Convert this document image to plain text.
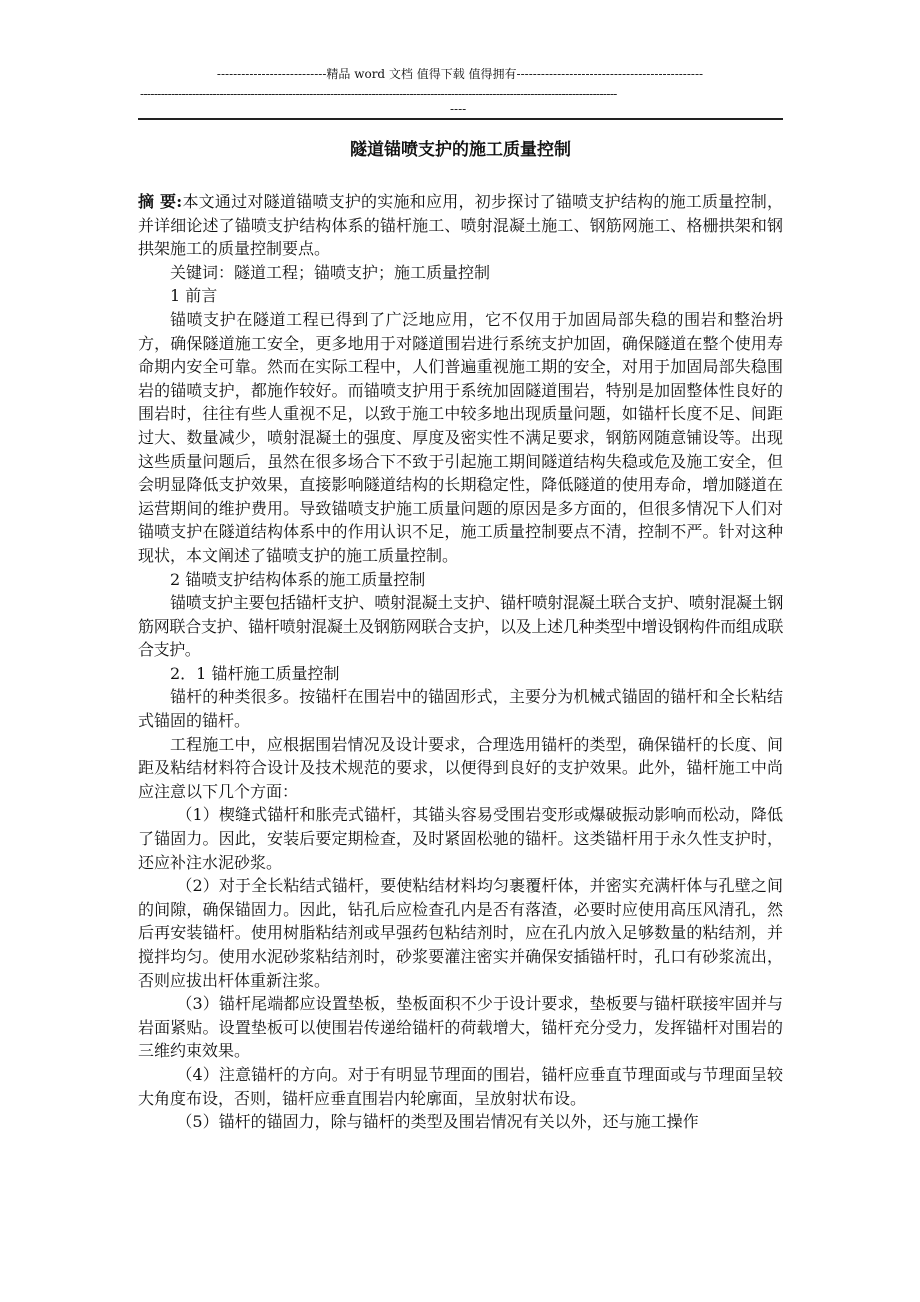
---------------------------精品 word 文档 值得下载 值得拥有----------------------------------------------
------------------------------------------------------------------------------------------------------------------------------------------
----
隧道锚喷支护的施工质量控制

摘 要:本文通过对隧道锚喷支护的实施和应用，初步探讨了锚喷支护结构的施工质量控制，并详细论述了锚喷支护结构体系的锚杆施工、喷射混凝土施工、钢筋网施工、格栅拱架和钢拱架施工的质量控制要点。

关键词：隧道工程；锚喷支护；施工质量控制

1 前言

锚喷支护在隧道工程已得到了广泛地应用，它不仅用于加固局部失稳的围岩和整治坍方，确保隧道施工安全，更多地用于对隧道围岩进行系统支护加固，确保隧道在整个使用寿命期内安全可靠。然而在实际工程中，人们普遍重视施工期的安全，对用于加固局部失稳围岩的锚喷支护，都施作较好。而锚喷支护用于系统加固隧道围岩，特别是加固整体性良好的围岩时，往往有些人重视不足，以致于施工中较多地出现质量问题，如锚杆长度不足、间距过大、数量减少，喷射混凝土的强度、厚度及密实性不满足要求，钢筋网随意铺设等。出现这些质量问题后，虽然在很多场合下不致于引起施工期间隧道结构失稳或危及施工安全，但会明显降低支护效果，直接影响隧道结构的长期稳定性，降低隧道的使用寿命，增加隧道在运营期间的维护费用。导致锚喷支护施工质量问题的原因是多方面的，但很多情况下人们对锚喷支护在隧道结构体系中的作用认识不足，施工质量控制要点不清，控制不严。针对这种现状，本文阐述了锚喷支护的施工质量控制。

2 锚喷支护结构体系的施工质量控制

锚喷支护主要包括锚杆支护、喷射混凝土支护、锚杆喷射混凝土联合支护、喷射混凝土钢筋网联合支护、锚杆喷射混凝土及钢筋网联合支护，以及上述几种类型中增设钢构件而组成联合支护。

2．1 锚杆施工质量控制

锚杆的种类很多。按锚杆在围岩中的锚固形式，主要分为机械式锚固的锚杆和全长粘结式锚固的锚杆。

工程施工中，应根据围岩情况及设计要求，合理选用锚杆的类型，确保锚杆的长度、间距及粘结材料符合设计及技术规范的要求，以便得到良好的支护效果。此外，锚杆施工中尚应注意以下几个方面：

（1）楔缝式锚杆和胀壳式锚杆，其锚头容易受围岩变形或爆破振动影响而松动，降低了锚固力。因此，安装后要定期检查，及时紧固松驰的锚杆。这类锚杆用于永久性支护时，还应补注水泥砂浆。

（2）对于全长粘结式锚杆，要使粘结材料均匀裹覆杆体，并密实充满杆体与孔壁之间的间隙，确保锚固力。因此，钻孔后应检查孔内是否有落渣，必要时应使用高压风清孔，然后再安装锚杆。使用树脂粘结剂或早强药包粘结剂时，应在孔内放入足够数量的粘结剂，并搅拌均匀。使用水泥砂浆粘结剂时，砂浆要灌注密实并确保安插锚杆时，孔口有砂浆流出，否则应拔出杆体重新注浆。

（3）锚杆尾端都应设置垫板，垫板面积不少于设计要求，垫板要与锚杆联接牢固并与岩面紧贴。设置垫板可以使围岩传递给锚杆的荷载增大，锚杆充分受力，发挥锚杆对围岩的三维约束效果。

（4）注意锚杆的方向。对于有明显节理面的围岩，锚杆应垂直节理面或与节理面呈较大角度布设，否则，锚杆应垂直围岩内轮廓面，呈放射状布设。

（5）锚杆的锚固力，除与锚杆的类型及围岩情况有关以外，还与施工操作
